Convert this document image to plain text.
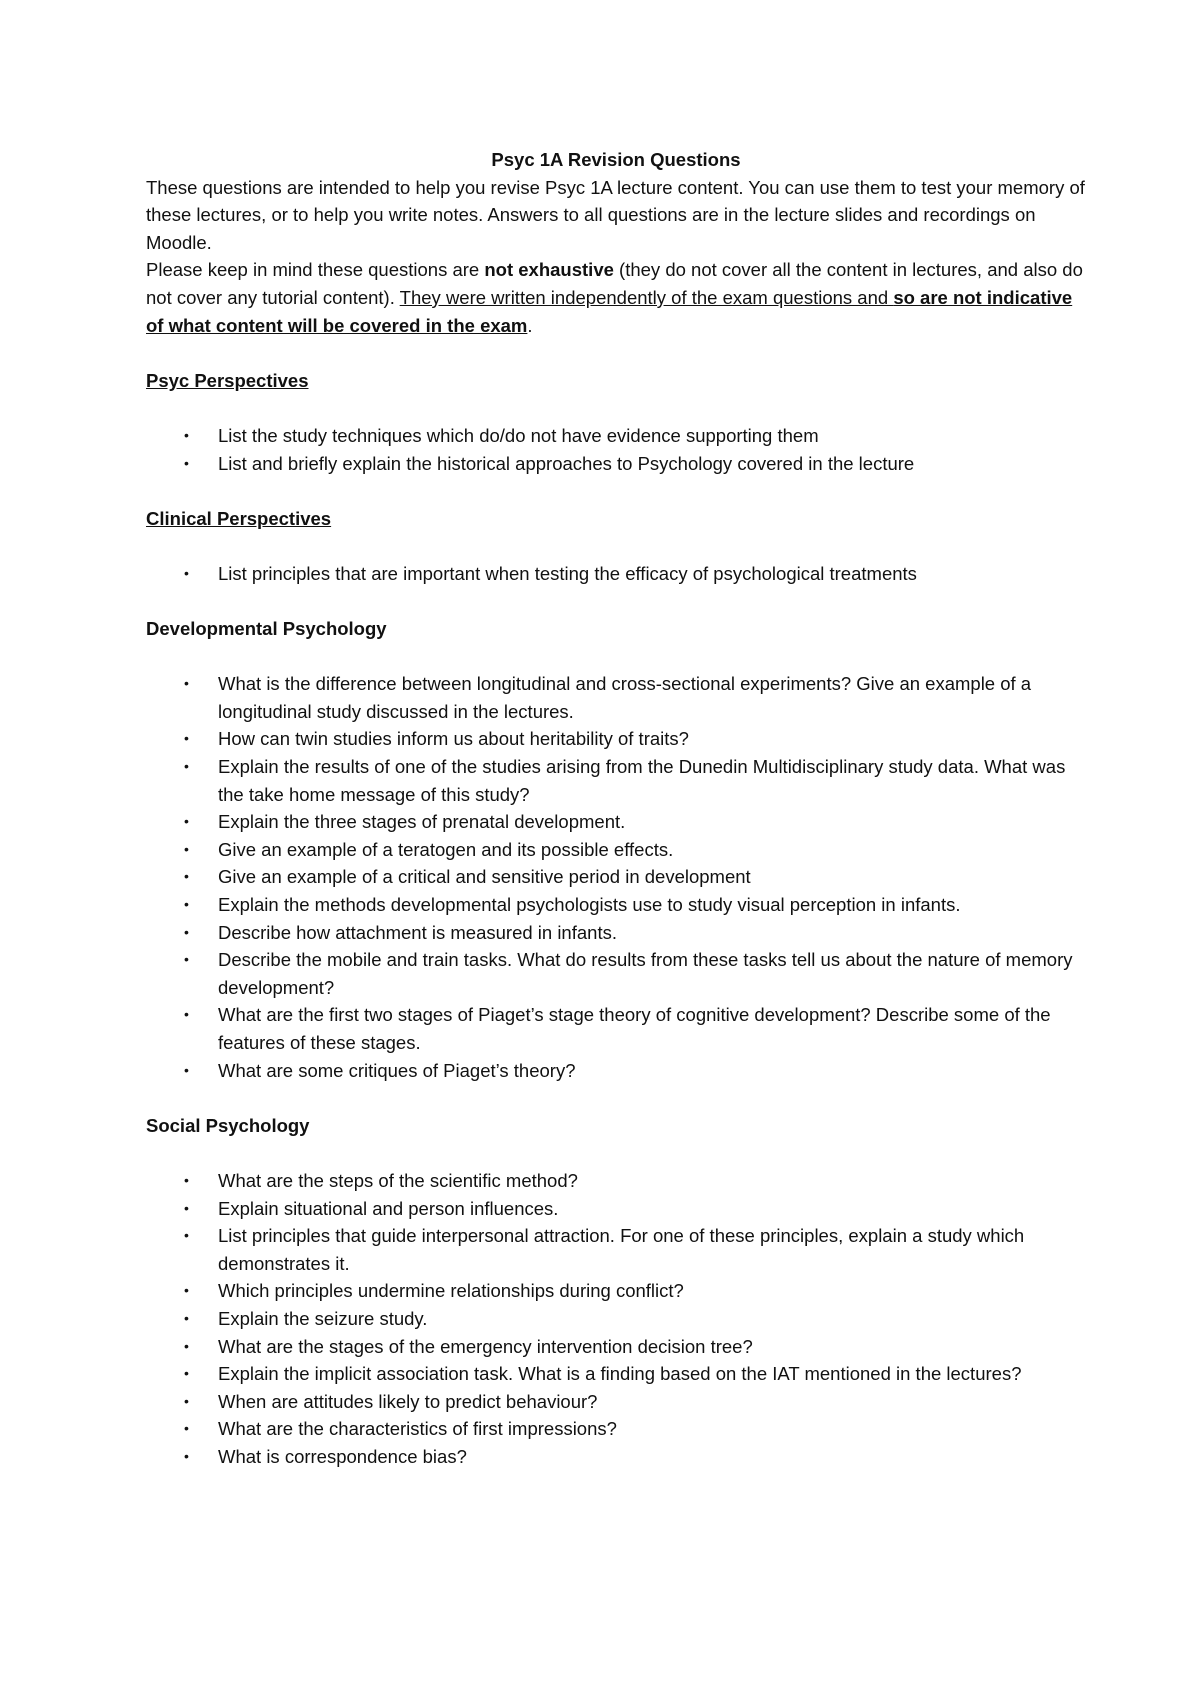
Psyc 1A Revision Questions

These questions are intended to help you revise Psyc 1A lecture content. You can use them to test your memory of these lectures, or to help you write notes. Answers to all questions are in the lecture slides and recordings on Moodle.

Please keep in mind these questions are not exhaustive (they do not cover all the content in lectures, and also do not cover any tutorial content). They were written independently of the exam questions and so are not indicative of what content will be covered in the exam.

Psyc Perspectives

• List the study techniques which do/do not have evidence supporting them
• List and briefly explain the historical approaches to Psychology covered in the lecture

Clinical Perspectives

• List principles that are important when testing the efficacy of psychological treatments

Developmental Psychology

• What is the difference between longitudinal and cross-sectional experiments? Give an example of a longitudinal study discussed in the lectures.
• How can twin studies inform us about heritability of traits?
• Explain the results of one of the studies arising from the Dunedin Multidisciplinary study data. What was the take home message of this study?
• Explain the three stages of prenatal development.
• Give an example of a teratogen and its possible effects.
• Give an example of a critical and sensitive period in development
• Explain the methods developmental psychologists use to study visual perception in infants.
• Describe how attachment is measured in infants.
• Describe the mobile and train tasks. What do results from these tasks tell us about the nature of memory development?
• What are the first two stages of Piaget’s stage theory of cognitive development? Describe some of the features of these stages.
• What are some critiques of Piaget’s theory?

Social Psychology

• What are the steps of the scientific method?
• Explain situational and person influences.
• List principles that guide interpersonal attraction. For one of these principles, explain a study which demonstrates it.
• Which principles undermine relationships during conflict?
• Explain the seizure study.
• What are the stages of the emergency intervention decision tree?
• Explain the implicit association task. What is a finding based on the IAT mentioned in the lectures?
• When are attitudes likely to predict behaviour?
• What are the characteristics of first impressions?
• What is correspondence bias?
